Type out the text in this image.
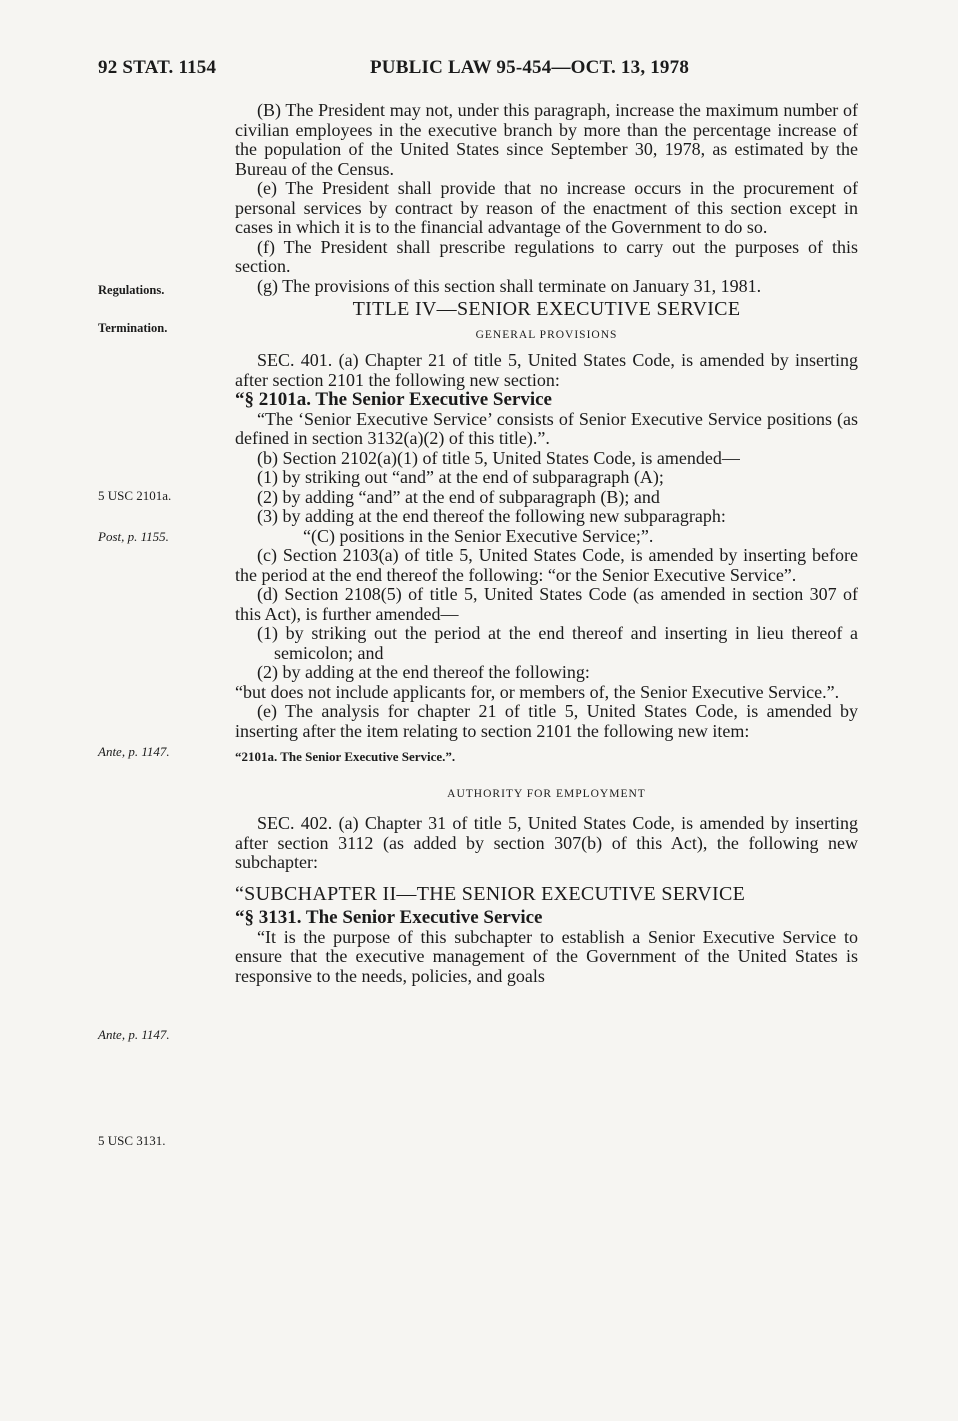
92 STAT. 1154	PUBLIC LAW 95-454—OCT. 13, 1978
Regulations.
Termination.
5 USC 2101a.
Post, p. 1155.
Ante, p. 1147.
Ante, p. 1147.
5 USC 3131.

(B) The President may not, under this paragraph, increase the maximum number of civilian employees in the executive branch by more than the percentage increase of the population of the United States since September 30, 1978, as estimated by the Bureau of the Census.

(e) The President shall provide that no increase occurs in the procurement of personal services by contract by reason of the enactment of this section except in cases in which it is to the financial advantage of the Government to do so.

(f) The President shall prescribe regulations to carry out the purposes of this section.

(g) The provisions of this section shall terminate on January 31, 1981.

TITLE IV—SENIOR EXECUTIVE SERVICE

GENERAL PROVISIONS

SEC. 401. (a) Chapter 21 of title 5, United States Code, is amended by inserting after section 2101 the following new section:

“§ 2101a. The Senior Executive Service

“The ‘Senior Executive Service’ consists of Senior Executive Service positions (as defined in section 3132(a)(2) of this title).”.

(b) Section 2102(a)(1) of title 5, United States Code, is amended—

(1) by striking out “and” at the end of subparagraph (A);

(2) by adding “and” at the end of subparagraph (B); and

(3) by adding at the end thereof the following new subparagraph:

“(C) positions in the Senior Executive Service;”.

(c) Section 2103(a) of title 5, United States Code, is amended by inserting before the period at the end thereof the following: “or the Senior Executive Service”.

(d) Section 2108(5) of title 5, United States Code (as amended in section 307 of this Act), is further amended—

(1) by striking out the period at the end thereof and inserting in lieu thereof a semicolon; and

(2) by adding at the end thereof the following:

“but does not include applicants for, or members of, the Senior Executive Service.”.

(e) The analysis for chapter 21 of title 5, United States Code, is amended by inserting after the item relating to section 2101 the following new item:

“2101a. The Senior Executive Service.”.

AUTHORITY FOR EMPLOYMENT

SEC. 402. (a) Chapter 31 of title 5, United States Code, is amended by inserting after section 3112 (as added by section 307(b) of this Act), the following new subchapter:

“SUBCHAPTER II—THE SENIOR EXECUTIVE SERVICE

“§ 3131. The Senior Executive Service

“It is the purpose of this subchapter to establish a Senior Executive Service to ensure that the executive management of the Government of the United States is responsive to the needs, policies, and goals
